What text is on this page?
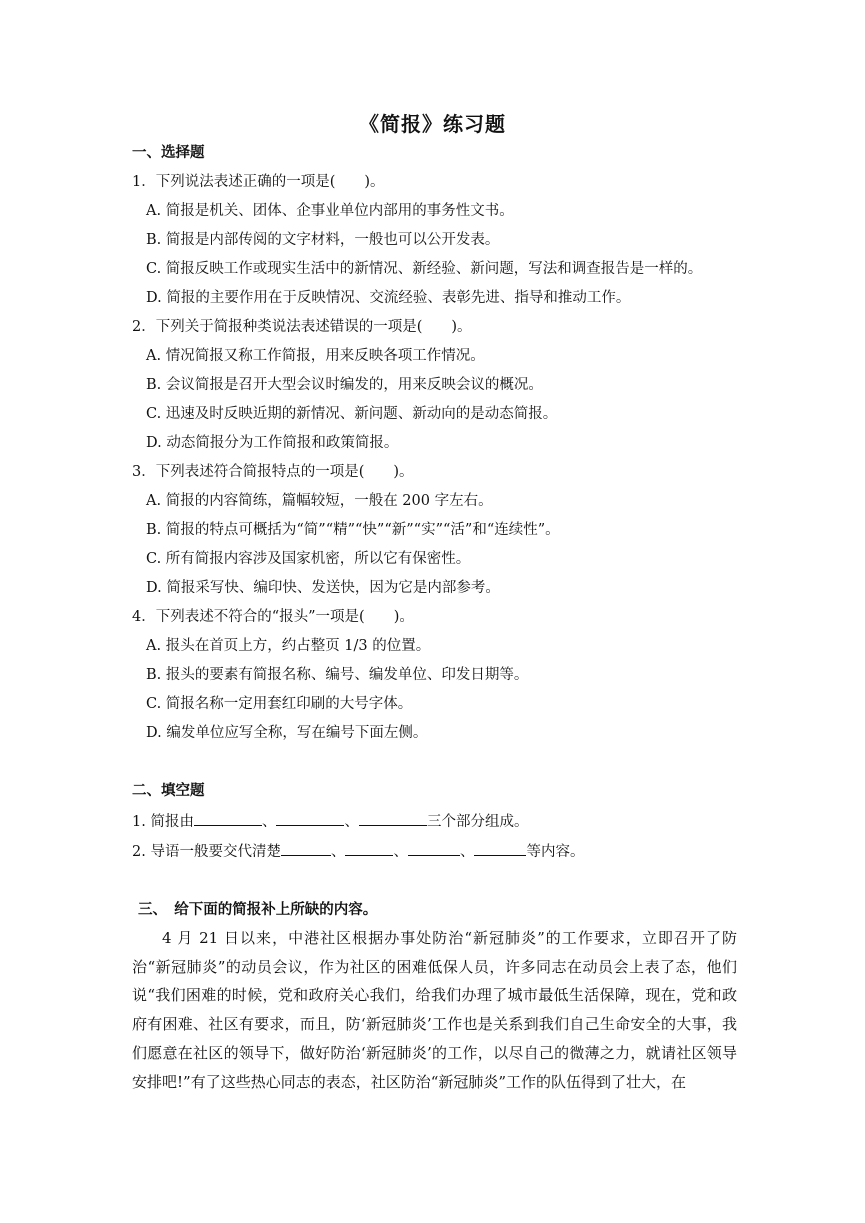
《简报》练习题
一、选择题
1．下列说法表述正确的一项是(　　)。
A. 简报是机关、团体、企事业单位内部用的事务性文书。
B. 简报是内部传阅的文字材料，一般也可以公开发表。
C. 简报反映工作或现实生活中的新情况、新经验、新问题，写法和调查报告是一样的。
D. 简报的主要作用在于反映情况、交流经验、表彰先进、指导和推动工作。
2．下列关于简报种类说法表述错误的一项是(　　)。
A. 情况简报又称工作简报，用来反映各项工作情况。
B. 会议简报是召开大型会议时编发的，用来反映会议的概况。
C. 迅速及时反映近期的新情况、新问题、新动向的是动态简报。
D. 动态简报分为工作简报和政策简报。
3．下列表述符合简报特点的一项是(　　)。
A. 简报的内容简练，篇幅较短，一般在 200 字左右。
B. 简报的特点可概括为“简”“精”“快”“新”“实”“活”和“连续性”。
C. 所有简报内容涉及国家机密，所以它有保密性。
D. 简报采写快、编印快、发送快，因为它是内部参考。
4．下列表述不符合的“报头”一项是(　　)。
A. 报头在首页上方，约占整页 1/3 的位置。
B. 报头的要素有简报名称、编号、编发单位、印发日期等。
C. 简报名称一定用套红印刷的大号字体。
D. 编发单位应写全称，写在编号下面左侧。
二、填空题
1. 简报由	、	、	三个部分组成。
2. 导语一般要交代清楚	、	、	、	等内容。
三、　给下面的简报补上所缺的内容。
4 月 21 日以来，中港社区根据办事处防治“新冠肺炎”的工作要求，立即召开了防治“新冠肺炎”的动员会议，作为社区的困难低保人员，许多同志在动员会上表了态，他们说“我们困难的时候，党和政府关心我们，给我们办理了城市最低生活保障，现在，党和政府有困难、社区有要求，而且，防‘新冠肺炎’工作也是关系到我们自己生命安全的大事，我们愿意在社区的领导下，做好防治‘新冠肺炎’的工作，以尽自己的微薄之力，就请社区领导安排吧!”有了这些热心同志的表态，社区防治“新冠肺炎”工作的队伍得到了壮大，在
